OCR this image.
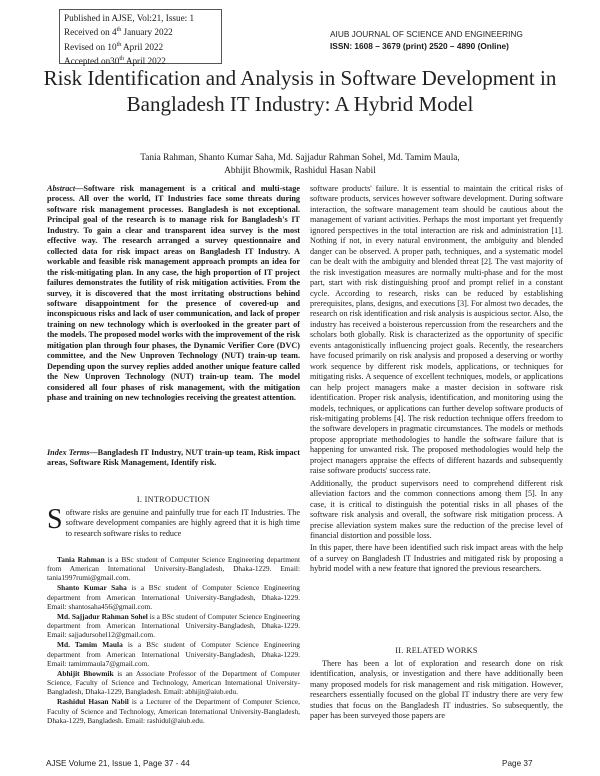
Published in AJSE, Vol:21, Issue: 1
Received on 4th January 2022
Revised on 10th April 2022
Accepted on30th April 2022
AIUB JOURNAL OF SCIENCE AND ENGINEERING
ISSN: 1608 – 3679 (print) 2520 – 4890 (Online)
Risk Identification and Analysis in Software Development in Bangladesh IT Industry: A Hybrid Model
Tania Rahman, Shanto Kumar Saha, Md. Sajjadur Rahman Sohel, Md. Tamim Maula,
Abhijit Bhowmik, Rashidul Hasan Nabil
Abstract—Software risk management is a critical and multi-stage process. All over the world, IT Industries face some threats during software risk management processes. Bangladesh is not exceptional. Principal goal of the research is to manage risk for Bangladesh's IT Industry. To gain a clear and transparent idea survey is the most effective way. The research arranged a survey questionnaire and collected data for risk impact areas on Bangladesh IT Industry. A workable and feasible risk management approach prompts an idea for the risk-mitigating plan. In any case, the high proportion of IT project failures demonstrates the futility of risk mitigation activities. From the survey, it is discovered that the most irritating obstructions behind software disappointment for the presence of covered-up and inconspicuous risks and lack of user communication, and lack of proper training on new technology which is overlooked in the greater part of the models. The proposed model works with the improvement of the risk mitigation plan through four phases, the Dynamic Verifier Core (DVC) committee, and the New Unproven Technology (NUT) train-up team. Depending upon the survey replies added another unique feature called the New Unproven Technology (NUT) train-up team. The model considered all four phases of risk management, with the mitigation phase and training on new technologies receiving the greatest attention.
Index Terms—Bangladesh IT Industry, NUT train-up team, Risk impact areas, Software Risk Management, Identify risk.
I. INTRODUCTION
Software risks are genuine and painfully true for each IT Industries. The software development companies are highly agreed that it is high time to research software risks to reduce

Tania Rahman is a BSc student of Computer Science Engineering department from American International University-Bangladesh, Dhaka-1229. Email: tania1997rumi@gmail.com.

Shanto Kumar Saha is a BSc student of Computer Science Engineering department from American International University-Bangladesh, Dhaka-1229. Email: shantosaha456@gmail.com.

Md. Sajjadur Rahman Sohel is a BSc student of Computer Science Engineering department from American International University-Bangladesh, Dhaka-1229. Email: sajjadursohel12@gmail.com.

Md. Tamim Maula is a BSc student of Computer Science Engineering department from American International University-Bangladesh, Dhaka-1229. Email: tamimmaula7@gmail.com.

Abhijit Bhowmik is an Associate Professor of the Department of Computer Science, Faculty of Science and Technology, American International University-Bangladesh, Dhaka-1229, Bangladesh. Email: abhijit@aiub.edu.

Rashidul Hasan Nabil is a Lecturer of the Department of Computer Science, Faculty of Science and Technology, American International University-Bangladesh, Dhaka-1229, Bangladesh. Email: rashidul@aiub.edu.

software products' failure. It is essential to maintain the critical risks of software products, services however software development. During software interaction, the software management team should be cautious about the management of variant activities. Perhaps the most important yet frequently ignored perspectives in the total interaction are risk and administration [1]. Nothing if not, in every natural environment, the ambiguity and blended danger can be observed. A proper path, techniques, and a systematic model can be dealt with the ambiguity and blended threat [2]. The vast majority of the risk investigation measures are normally multi-phase and for the most part, start with risk distinguishing proof and prompt relief in a constant cycle. According to research, risks can be reduced by establishing prerequisites, plans, designs, and executions [3]. For almost two decades, the research on risk identification and risk analysis is auspicious sector. Also, the industry has received a boisterous repercussion from the researchers and the scholars both globally. Risk is characterized as the opportunity of specific events antagonistically influencing project goals. Recently, the researchers have focused primarily on risk analysis and proposed a deserving or worthy work sequence by different risk models, applications, or techniques for mitigating risks. A sequence of excellent techniques, models, or applications can help project managers make a master decision in software risk identification. Proper risk analysis, identification, and monitoring using the models, techniques, or applications can further develop software products of risk-mitigating problems [4]. The risk reduction technique offers freedom to the software developers in pragmatic circumstances. The models or methods propose appropriate methodologies to handle the software failure that is happening for unwanted risk. The proposed methodologies would help the project managers appraise the effects of different hazards and subsequently raise software products' success rate.

Additionally, the product supervisors need to comprehend different risk alleviation factors and the common connections among them [5]. In any case, it is critical to distinguish the potential risks in all phases of the software risk analysis and overall, the software risk mitigation process. A precise alleviation system makes sure the reduction of the precise level of financial distortion and possible loss.

In this paper, there have been identified such risk impact areas with the help of a survey on Bangladesh IT Industries and mitigated risk by proposing a hybrid model with a new feature that ignored the previous researchers.

II. RELATED WORKS

There has been a lot of exploration and research done on risk identification, analysis, or investigation and there have additionally been many proposed models for risk management and risk mitigation. However, researchers essentially focused on the global IT industry there are very few studies that focus on the Bangladesh IT industries. So subsequently, the paper has been surveyed those papers are

AJSE Volume 21, Issue 1, Page 37 - 44	Page 37
